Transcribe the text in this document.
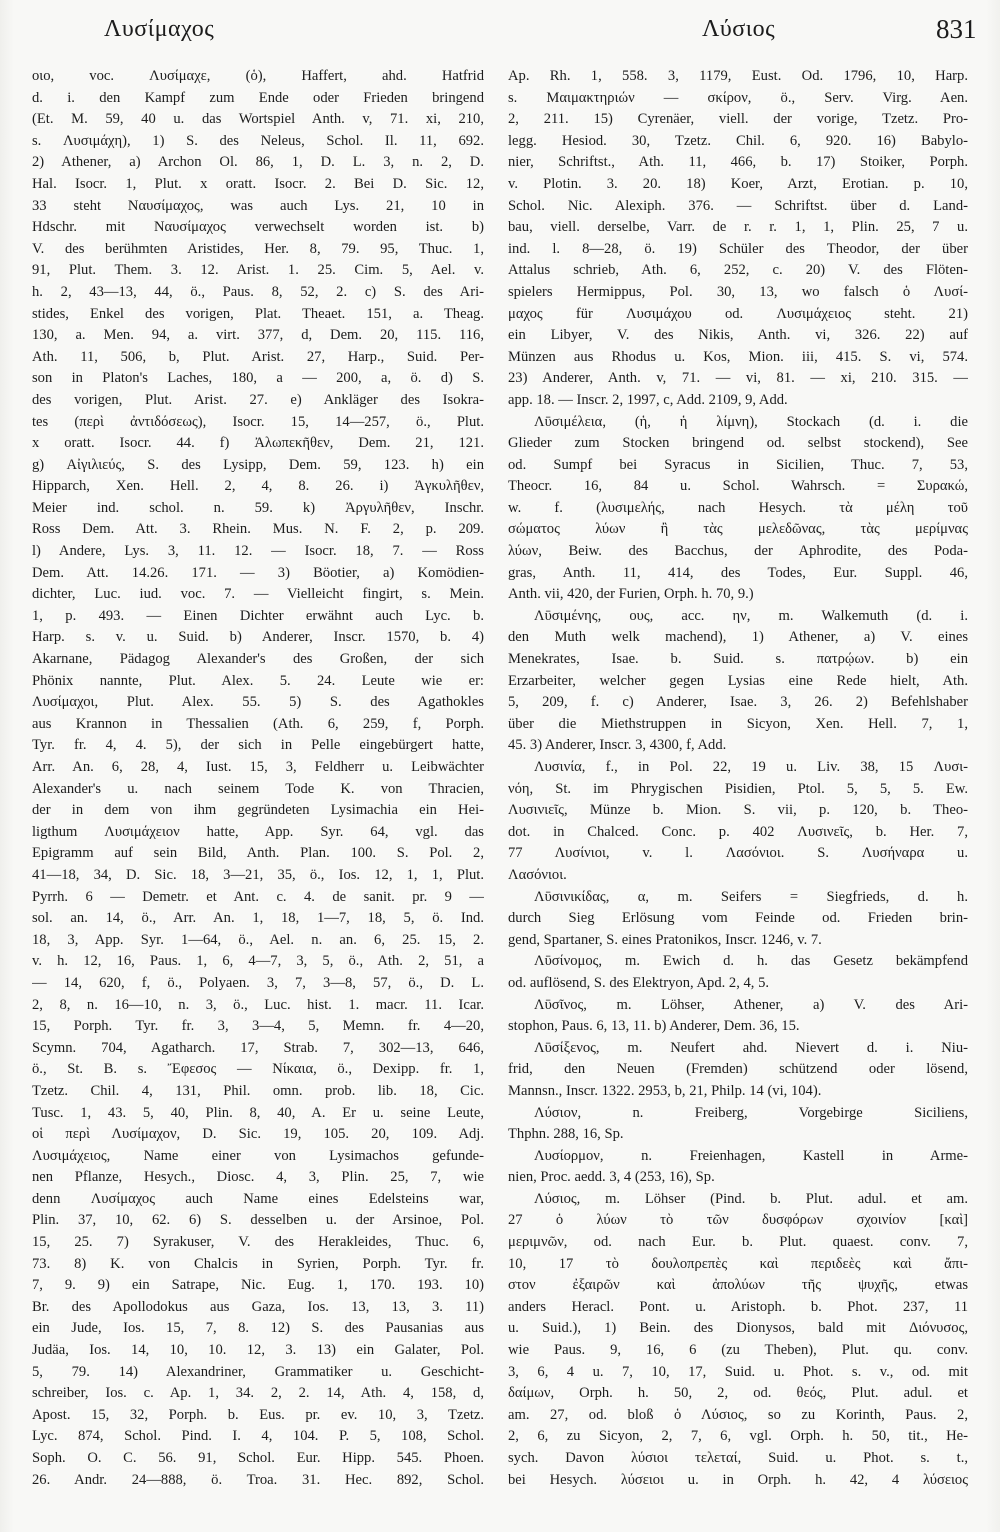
Λυσίμαχος	Λύσιος	831
οιο, voc. Λυσίμαχε, (ὁ), Haffert, ahd. Hatfrid
d. i. den Kampf zum Ende oder Frieden bringend
(Et. M. 59, 40 u. das Wortspiel Anth. v, 71. xi, 210,
s. Λυσιμάχη), 1) S. des Neleus, Schol. Il. 11, 692.
2) Athener, a) Archon Ol. 86, 1, D. L. 3, n. 2, D.
Hal. Isocr. 1, Plut. x oratt. Isocr. 2. Bei D. Sic. 12,
33 steht Ναυσίμαχος, was auch Lys. 21, 10 in
Hdschr. mit Ναυσίμαχος verwechselt worden ist. b)
V. des berühmten Aristides, Her. 8, 79. 95, Thuc. 1,
91, Plut. Them. 3. 12. Arist. 1. 25. Cim. 5, Ael. v.
h. 2, 43—13, 44, ö., Paus. 8, 52, 2. c) S. des Ari-
stides, Enkel des vorigen, Plat. Theaet. 151, a. Theag.
130, a. Men. 94, a. virt. 377, d, Dem. 20, 115. 116,
Ath. 11, 506, b, Plut. Arist. 27, Harp., Suid. Per-
son in Platon's Laches, 180, a — 200, a, ö. d) S.
des vorigen, Plut. Arist. 27. e) Ankläger des Isokra-
tes (περὶ ἀντιδόσεως), Isocr. 15, 14—257, ö., Plut.
x oratt. Isocr. 44. f) Ἀλωπεκῆθεν, Dem. 21, 121.
g) Αἰγιλιεύς, S. des Lysipp, Dem. 59, 123. h) ein
Hipparch, Xen. Hell. 2, 4, 8. 26. i) Ἀγκυλῆθεν,
Meier ind. schol. n. 59. k) Ἀργυλῆθεν, Inschr.
Ross Dem. Att. 3. Rhein. Mus. N. F. 2, p. 209.
l) Andere, Lys. 3, 11. 12. — Isocr. 18, 7. — Ross
Dem. Att. 14.26. 171. — 3) Böotier, a) Komödien-
dichter, Luc. iud. voc. 7. — Vielleicht fingirt, s. Mein.
1, p. 493. — Einen Dichter erwähnt auch Lyc. b.
Harp. s. v. u. Suid. b) Anderer, Inscr. 1570, b. 4)
Akarnane, Pädagog Alexander's des Großen, der sich
Phönix nannte, Plut. Alex. 5. 24. Leute wie er:
Λυσίμαχοι, Plut. Alex. 55. 5) S. des Agathokles
aus Krannon in Thessalien (Ath. 6, 259, f, Porph.
Tyr. fr. 4, 4. 5), der sich in Pelle eingebürgert hatte,
Arr. An. 6, 28, 4, Iust. 15, 3, Feldherr u. Leibwächter
Alexander's u. nach seinem Tode K. von Thracien,
der in dem von ihm gegründeten Lysimachia ein Hei-
ligthum Λυσιμάχειον hatte, App. Syr. 64, vgl. das
Epigramm auf sein Bild, Anth. Plan. 100. S. Pol. 2,
41—18, 34, D. Sic. 18, 3—21, 35, ö., Ios. 12, 1, 1, Plut.
Pyrrh. 6 — Demetr. et Ant. c. 4. de sanit. pr. 9 —
sol. an. 14, ö., Arr. An. 1, 18, 1—7, 18, 5, ö. Ind.
18, 3, App. Syr. 1—64, ö., Ael. n. an. 6, 25. 15, 2.
v. h. 12, 16, Paus. 1, 6, 4—7, 3, 5, ö., Ath. 2, 51, a
— 14, 620, f, ö., Polyaen. 3, 7, 3—8, 57, ö., D. L.
2, 8, n. 16—10, n. 3, ö., Luc. hist. 1. macr. 11. Icar.
15, Porph. Tyr. fr. 3, 3—4, 5, Memn. fr. 4—20,
Scymn. 704, Agatharch. 17, Strab. 7, 302—13, 646,
ö., St. B. s. Ἔφεσος — Νίκαια, ö., Dexipp. fr. 1,
Tzetz. Chil. 4, 131, Phil. omn. prob. lib. 18, Cic.
Tusc. 1, 43. 5, 40, Plin. 8, 40, A. Er u. seine Leute,
οἱ περὶ Λυσίμαχον, D. Sic. 19, 105. 20, 109. Adj.
Λυσιμάχειος, Name einer von Lysimachos gefunde-
nen Pflanze, Hesych., Diosc. 4, 3, Plin. 25, 7, wie
denn Λυσίμαχος auch Name eines Edelsteins war,
Plin. 37, 10, 62. 6) S. desselben u. der Arsinoe, Pol.
15, 25. 7) Syrakuser, V. des Herakleides, Thuc. 6,
73. 8) K. von Chalcis in Syrien, Porph. Tyr. fr.
7, 9. 9) ein Satrape, Nic. Eug. 1, 170. 193. 10)
Br. des Apollodokus aus Gaza, Ios. 13, 13, 3. 11)
ein Jude, Ios. 15, 7, 8. 12) S. des Pausanias aus
Judäa, Ios. 14, 10, 10. 12, 3. 13) ein Galater, Pol.
5, 79. 14) Alexandriner, Grammatiker u. Geschicht-
schreiber, Ios. c. Ap. 1, 34. 2, 2. 14, Ath. 4, 158, d,
Apost. 15, 32, Porph. b. Eus. pr. ev. 10, 3, Tzetz.
Lyc. 874, Schol. Pind. I. 4, 104. P. 5, 108, Schol.
Soph. O. C. 56. 91, Schol. Eur. Hipp. 545. Phoen.
26. Andr. 24—888, ö. Troa. 31. Hec. 892, Schol.
Ap. Rh. 1, 558. 3, 1179, Eust. Od. 1796, 10, Harp.
s. Μαιμακτηριών — σκίρον, ö., Serv. Virg. Aen.
2, 211. 15) Cyrenäer, viell. der vorige, Tzetz. Pro-
legg. Hesiod. 30, Tzetz. Chil. 6, 920. 16) Babylo-
nier, Schriftst., Ath. 11, 466, b. 17) Stoiker, Porph.
v. Plotin. 3. 20. 18) Koer, Arzt, Erotian. p. 10,
Schol. Nic. Alexiph. 376. — Schriftst. über d. Land-
bau, viell. derselbe, Varr. de r. r. 1, 1, Plin. 25, 7 u.
ind. l. 8—28, ö. 19) Schüler des Theodor, der über
Attalus schrieb, Ath. 6, 252, c. 20) V. des Flöten-
spielers Hermippus, Pol. 30, 13, wo falsch ὁ Λυσί-
μαχος für Λυσιμάχου od. Λυσιμάχειος steht. 21)
ein Libyer, V. des Nikis, Anth. vi, 326. 22) auf
Münzen aus Rhodus u. Kos, Mion. iii, 415. S. vi, 574.
23) Anderer, Anth. v, 71. — vi, 81. — xi, 210. 315. —
app. 18. — Inscr. 2, 1997, c, Add. 2109, 9, Add.
Λῡσιμέλεια, (ἡ, ἡ λίμνη), Stockach (d. i. die
Glieder zum Stocken bringend od. selbst stockend), See
od. Sumpf bei Syracus in Sicilien, Thuc. 7, 53,
Theocr. 16, 84 u. Schol. Wahrsch. = Συρακώ,
w. f. (λυσιμελής, nach Hesych. τὰ μέλη τοῦ
σώματος λύων ἢ τὰς μελεδῶνας, τὰς μερίμνας
λύων, Beiw. des Bacchus, der Aphrodite, des Poda-
gras, Anth. 11, 414, des Todes, Eur. Suppl. 46,
Anth. vii, 420, der Furien, Orph. h. 70, 9.)
Λῡσιμένης, ους, acc. ην, m. Walkemuth (d. i.
den Muth welk machend), 1) Athener, a) V. eines
Menekrates, Isae. b. Suid. s. πατρῴων. b) ein
Erzarbeiter, welcher gegen Lysias eine Rede hielt, Ath.
5, 209, f. c) Anderer, Isae. 3, 26. 2) Befehlshaber
über die Miethstruppen in Sicyon, Xen. Hell. 7, 1,
45. 3) Anderer, Inscr. 3, 4300, f, Add.
Λυσινία, f., in Pol. 22, 19 u. Liv. 38, 15 Λυσι-
νόη, St. im Phrygischen Pisidien, Ptol. 5, 5, 5. Ew.
Λυσινιεῖς, Münze b. Mion. S. vii, p. 120, b. Theo-
dot. in Chalced. Conc. p. 402 Λυσινεῖς, b. Her. 7,
77 Λυσίνιοι, v. l. Λασόνιοι. S. Λυσήναρα u.
Λασόνιοι.
Λῡσινικίδας, α, m. Seifers = Siegfrieds, d. h.
durch Sieg Erlösung vom Feinde od. Frieden brin-
gend, Spartaner, S. eines Pratonikos, Inscr. 1246, v. 7.
Λῡσίνομος, m. Ewich d. h. das Gesetz bekämpfend
od. auflösend, S. des Elektryon, Apd. 2, 4, 5.
Λῡσῖνος, m. Löhser, Athener, a) V. des Ari-
stophon, Paus. 6, 13, 11. b) Anderer, Dem. 36, 15.
Λῡσίξενος, m. Neufert ahd. Nievert d. i. Niu-
frid, den Neuen (Fremden) schützend oder lösend,
Mannsn., Inscr. 1322. 2953, b, 21, Philp. 14 (vi, 104).
Λύσιον, n. Freiberg, Vorgebirge Siciliens,
Thphn. 288, 16, Sp.
Λυσίορμον, n. Freienhagen, Kastell in Arme-
nien, Proc. aedd. 3, 4 (253, 16), Sp.
Λύσιος, m. Löhser (Pind. b. Plut. adul. et am.
27 ὁ λύων τὸ τῶν δυσφόρων σχοινίον [καὶ]
μεριμνῶν, od. nach Eur. b. Plut. quaest. conv. 7,
10, 17 τὸ δουλοπρεπὲς καὶ περιδεὲς καὶ ἄπι-
στον ἐξαιρῶν καὶ ἀπολύων τῆς ψυχῆς, etwas
anders Heracl. Pont. u. Aristoph. b. Phot. 237, 11
u. Suid.), 1) Bein. des Dionysos, bald mit Διόνυσος,
wie Paus. 9, 16, 6 (zu Theben), Plut. qu. conv.
3, 6, 4 u. 7, 10, 17, Suid. u. Phot. s. v., od. mit
δαίμων, Orph. h. 50, 2, od. θεός, Plut. adul. et
am. 27, od. bloß ὁ Λύσιος, so zu Korinth, Paus. 2,
2, 6, zu Sicyon, 2, 7, 6, vgl. Orph. h. 50, tit., He-
sych. Davon λύσιοι τελεταί, Suid. u. Phot. s. t.,
bei Hesych. λύσειοι u. in Orph. h. 42, 4 λύσειος
